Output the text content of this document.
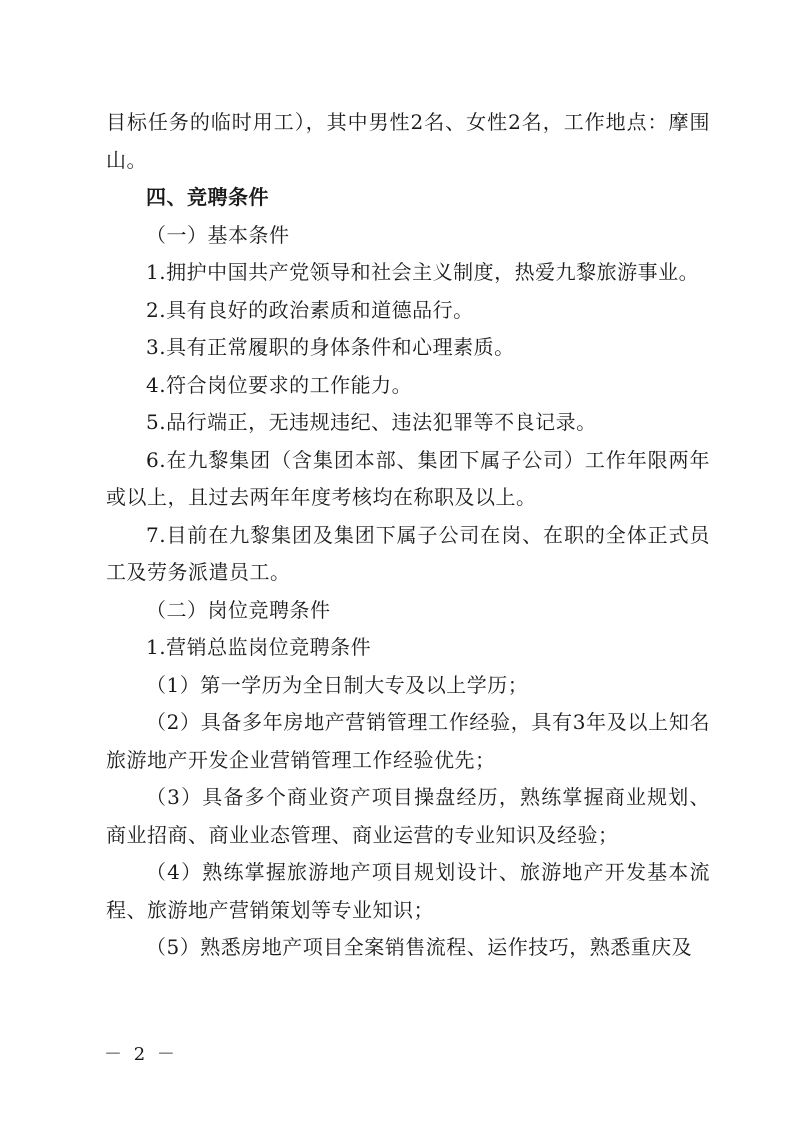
目标任务的临时用工），其中男性2名、女性2名，工作地点：摩围山。

四、竞聘条件

（一）基本条件

1.拥护中国共产党领导和社会主义制度，热爱九黎旅游事业。

2.具有良好的政治素质和道德品行。

3.具有正常履职的身体条件和心理素质。

4.符合岗位要求的工作能力。

5.品行端正，无违规违纪、违法犯罪等不良记录。

6.在九黎集团（含集团本部、集团下属子公司）工作年限两年或以上，且过去两年年度考核均在称职及以上。

7.目前在九黎集团及集团下属子公司在岗、在职的全体正式员工及劳务派遣员工。

（二）岗位竞聘条件

1.营销总监岗位竞聘条件

（1）第一学历为全日制大专及以上学历；

（2）具备多年房地产营销管理工作经验，具有3年及以上知名旅游地产开发企业营销管理工作经验优先；

（3）具备多个商业资产项目操盘经历，熟练掌握商业规划、商业招商、商业业态管理、商业运营的专业知识及经验；

（4）熟练掌握旅游地产项目规划设计、旅游地产开发基本流程、旅游地产营销策划等专业知识；

（5）熟悉房地产项目全案销售流程、运作技巧，熟悉重庆及

－ 2 －
